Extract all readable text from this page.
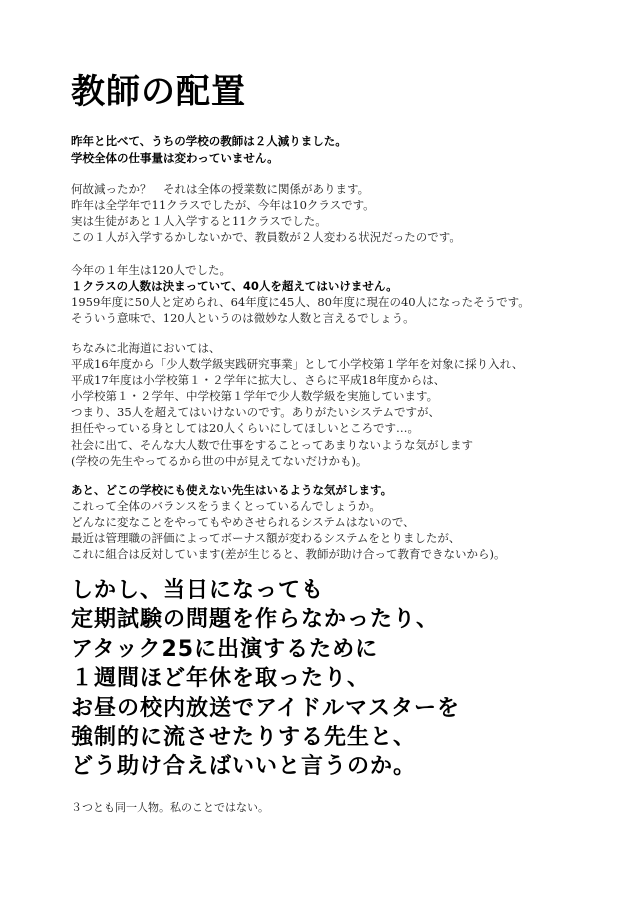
教師の配置
昨年と比べて、うちの学校の教師は２人減りました。
学校全体の仕事量は変わっていません。
何故減ったか？　それは全体の授業数に関係があります。
昨年は全学年で11クラスでしたが、今年は10クラスです。
実は生徒があと１人入学すると11クラスでした。
この１人が入学するかしないかで、教員数が２人変わる状況だったのです。
今年の１年生は120人でした。
１クラスの人数は決まっていて、40人を超えてはいけません。
1959年度に50人と定められ、64年度に45人、80年度に現在の40人になったそうです。
そういう意味で、120人というのは微妙な人数と言えるでしょう。
ちなみに北海道においては、
平成16年度から「少人数学級実践研究事業」として小学校第１学年を対象に採り入れ、
平成17年度は小学校第１・２学年に拡大し、さらに平成18年度からは、
小学校第１・２学年、中学校第１学年で少人数学級を実施しています。
つまり、35人を超えてはいけないのです。ありがたいシステムですが、
担任やっている身としては20人くらいにしてほしいところです…。
社会に出て、そんな大人数で仕事をすることってあまりないような気がします
(学校の先生やってるから世の中が見えてないだけかも)。
あと、どこの学校にも使えない先生はいるような気がします。
これって全体のバランスをうまくとっているんでしょうか。
どんなに変なことをやってもやめさせられるシステムはないので、
最近は管理職の評価によってボーナス額が変わるシステムをとりましたが、
これに組合は反対しています(差が生じると、教師が助け合って教育できないから)。
しかし、当日になっても
定期試験の問題を作らなかったり、
アタック25に出演するために
１週間ほど年休を取ったり、
お昼の校内放送でアイドルマスターを
強制的に流させたりする先生と、
どう助け合えばいいと言うのか。
３つとも同一人物。私のことではない。
